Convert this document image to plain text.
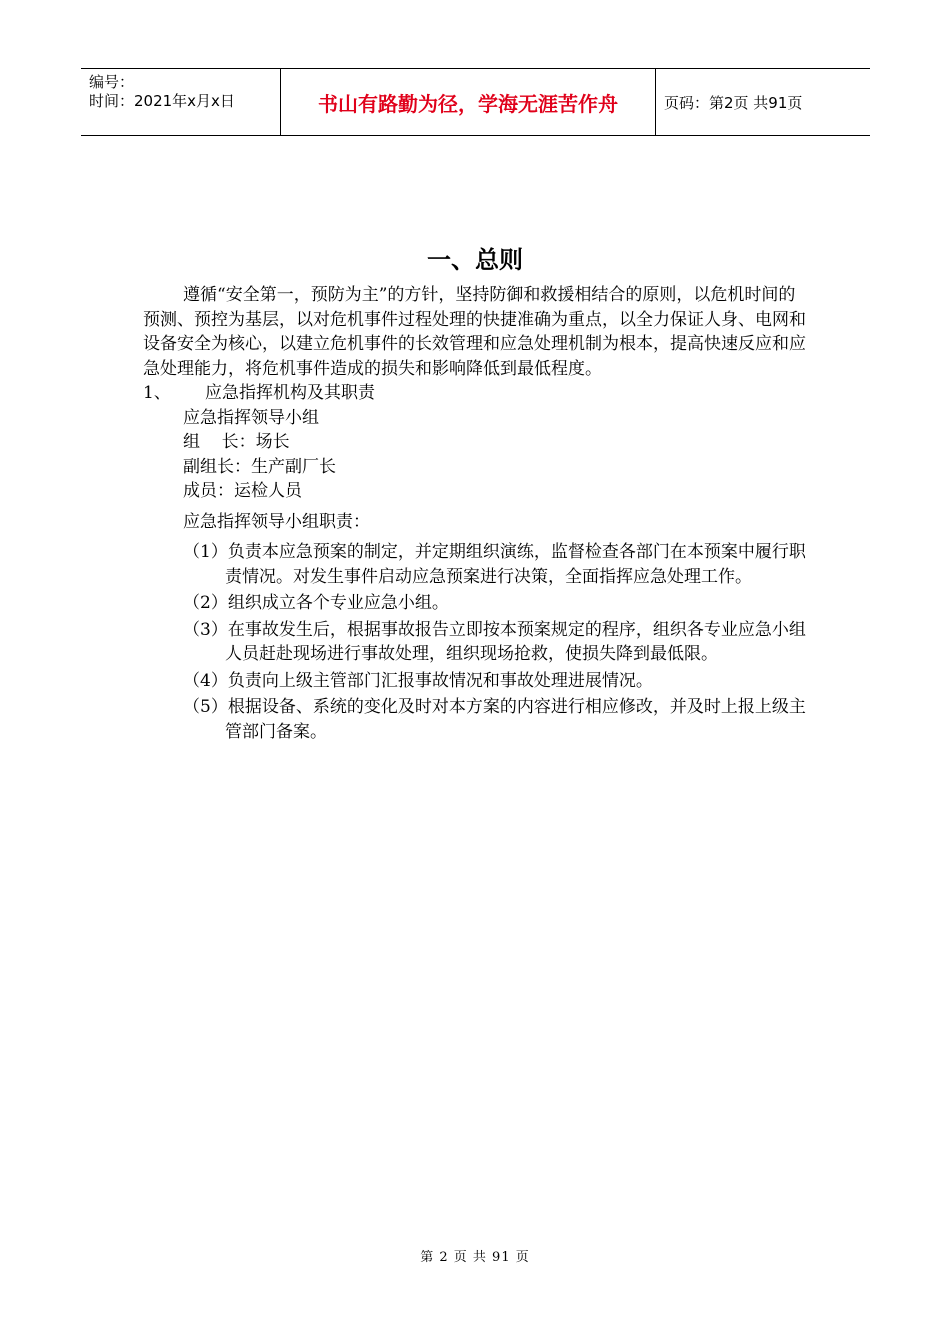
编号：
时间：2021年x月x日	书山有路勤为径，学海无涯苦作舟	页码：第2页 共91页
一、总则

遵循“安全第一，预防为主”的方针，坚持防御和救援相结合的原则，以危机时间的预测、预控为基层，以对危机事件过程处理的快捷准确为重点，以全力保证人身、电网和设备安全为核心，以建立危机事件的长效管理和应急处理机制为根本，提高快速反应和应急处理能力，将危机事件造成的损失和影响降低到最低程度。

1、 应急指挥机构及其职责

应急指挥领导小组

组    长：场长

副组长：生产副厂长

成员：运检人员

应急指挥领导小组职责：

（1）负责本应急预案的制定，并定期组织演练，监督检查各部门在本预案中履行职责情况。对发生事件启动应急预案进行决策，全面指挥应急处理工作。

（2）组织成立各个专业应急小组。

（3）在事故发生后，根据事故报告立即按本预案规定的程序，组织各专业应急小组人员赶赴现场进行事故处理，组织现场抢救，使损失降到最低限。

（4）负责向上级主管部门汇报事故情况和事故处理进展情况。

（5）根据设备、系统的变化及时对本方案的内容进行相应修改，并及时上报上级主管部门备案。

第 2 页 共 91 页
